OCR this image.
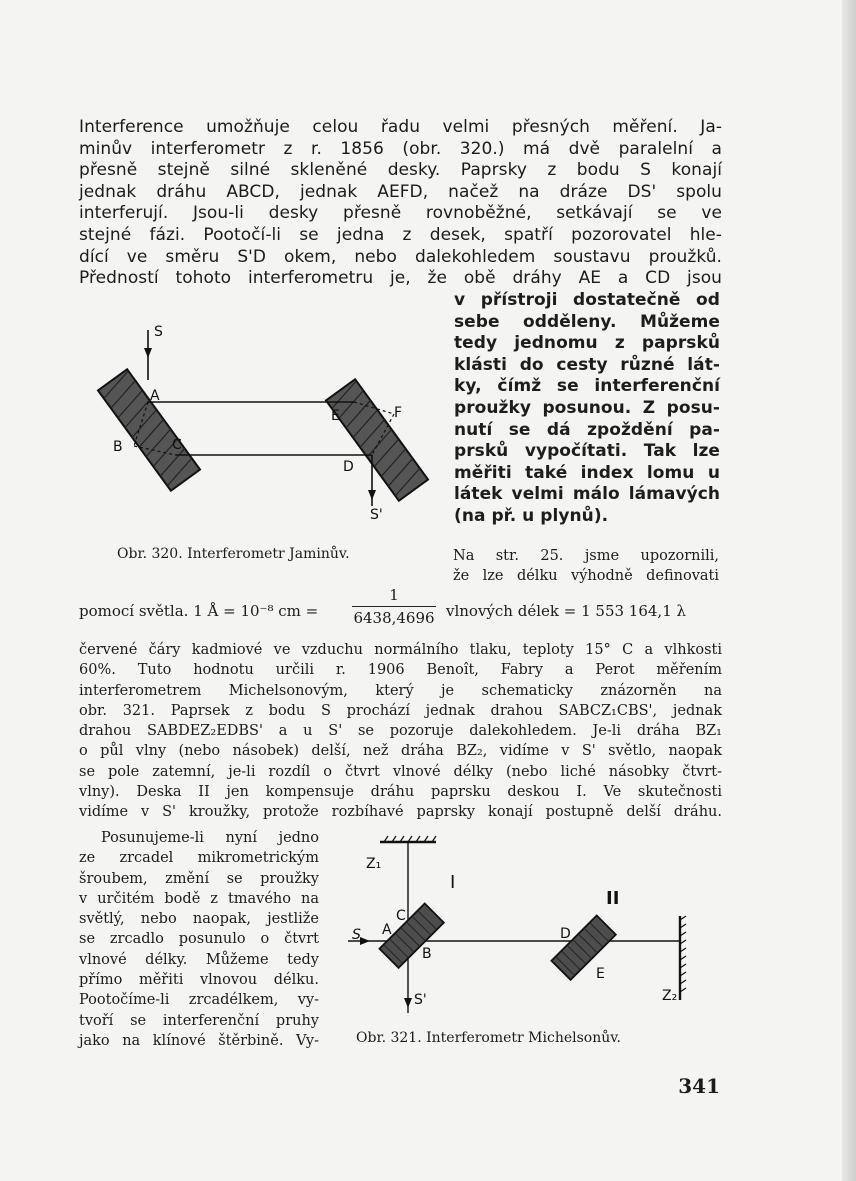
Interference umožňuje celou řadu velmi přesných měření. Ja-
minův interferometr z r. 1856 (obr. 320.) má dvě paralelní a
přesně stejně silné skleněné desky. Paprsky z bodu S konají
jednak dráhu ABCD, jednak AEFD, načež na dráze DS' spolu
interferují. Jsou-li desky přesně rovnoběžné, setkávají se ve
stejné fázi. Pootočí-li se jedna z desek, spatří pozorovatel hle-
dící ve směru S'D okem, nebo dalekohledem soustavu proužků.
Předností tohoto interferometru je, že obě dráhy AE a CD jsou
v přístroji dostatečně od
sebe odděleny. Můžeme
tedy jednomu z paprsků
klásti do cesty různé lát-
ky, čímž se interferenční
proužky posunou. Z posu-
nutí se dá zpoždění pa-
prsků vypočítati. Tak lze
měřiti také index lomu u
látek velmi málo lámavých
(na př. u plynů).
S
A
B	C
D
E	F
S'
Obr. 320. Interferometr Jaminův.	Na str. 25. jsme upozornili,
že lze délku výhodně definovati
pomocí světla. 1 Å = 10⁻⁸ cm =
1
6438,4696 vlnových délek = 1 553 164,1 λ
červené čáry kadmiové ve vzduchu normálního tlaku, teploty 15° C a vlhkosti
60%. Tuto hodnotu určili r. 1906 Benoît, Fabry a Perot měřením
interferometrem Michelsonovým, který je schematicky znázorněn na
obr. 321. Paprsek z bodu S prochází jednak drahou SABCZ₁CBS', jednak
drahou SABDEZ₂EDBS' a u S' se pozoruje dalekohledem. Je-li dráha BZ₁
o půl vlny (nebo násobek) delší, než dráha BZ₂, vidíme v S' světlo, naopak
se pole zatemní, je-li rozdíl o čtvrt vlnové délky (nebo liché násobky čtvrt-
vlny). Deska II jen kompensuje dráhu paprsku deskou I. Ve skutečnosti
vidíme v S' kroužky, protože rozbíhavé paprsky konají postupně delší dráhu.
Posunujeme-li nyní jedno
ze zrcadel mikrometrickým
šroubem, změní se proužky
v určitém bodě z tmavého na
světlý, nebo naopak, jestliže
se zrcadlo posunulo o čtvrt
vlnové délky. Můžeme tedy
přímo měřiti vlnovou délku.
Pootočíme-li zrcadélkem, vy-
tvoří se interferenční pruhy
jako na klínové štěrbině. Vy-
Z₁
I
II
S A
C
B
D
E
S'	Z₂
Obr. 321. Interferometr Michelsonův.
341
